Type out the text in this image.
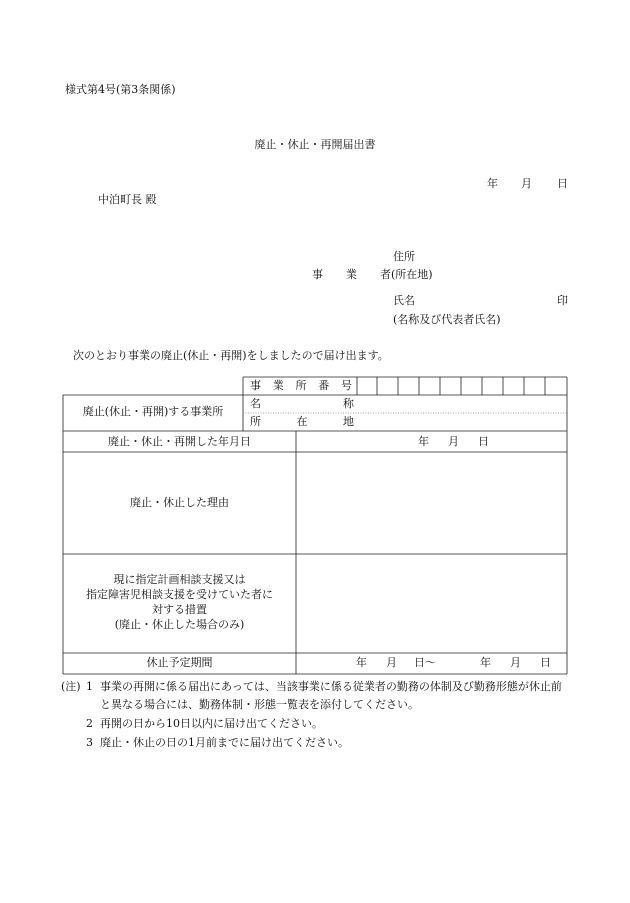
様式第4号(第3条関係)
廃止・休止・再開届出書
年 月 日
中泊町長 殿
住所
事 業 者(所在地)
氏名	印
(名称及び代表者氏名)
次のとおり事業の廃止(休止・再開)をしましたので届け出ます。
事 業 所 番 号
廃止(休止・再開)する事業所
名	称
所	在	地
廃止・休止・再開した年月日	年 月 日
廃止・休止した理由
現に指定計画相談支援又は
指定障害児相談支援を受けていた者に
対する措置
(廃止・休止した場合のみ)
休止予定期間	年 月 日～	年 月 日
(注) 1 事業の再開に係る届出にあっては、当該事業に係る従業者の勤務の体制及び勤務形態が休止前と異なる場合には、勤務体制・形態一覧表を添付してください。
2 再開の日から10日以内に届け出てください。
3 廃止・休止の日の1月前までに届け出てください。
